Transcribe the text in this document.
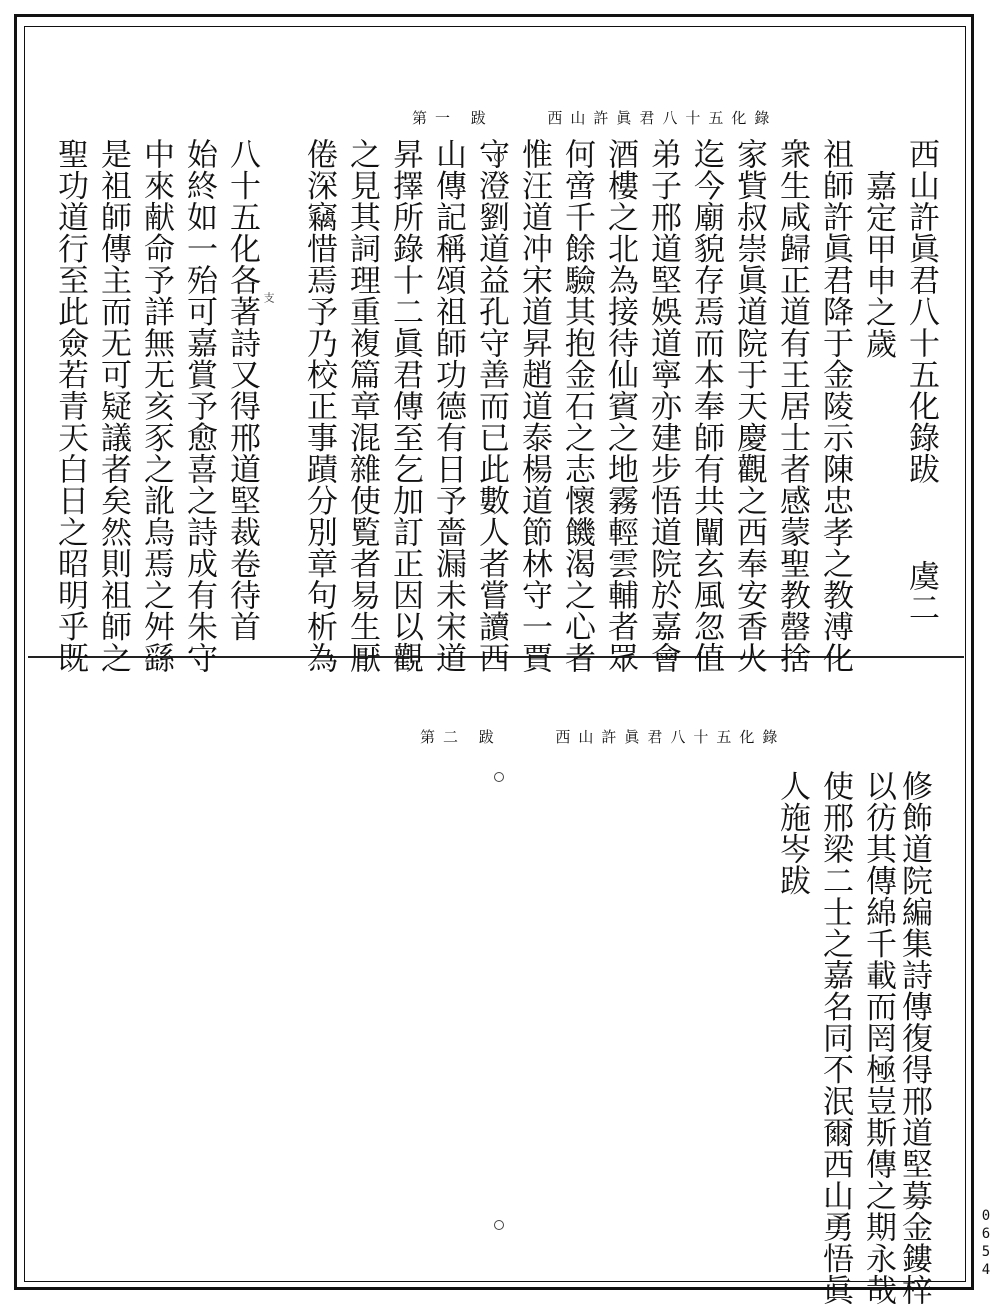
第一 跋	西山許眞君八十五化錄
西山許眞君八十五化錄跋
虞二
嘉定甲申之歲
祖師許眞君降于金陵示陳忠孝之教溥化
衆生咸歸正道有王居士者感蒙聖教罄捨
家貲叔崇眞道院于天慶觀之西奉安香火
迄今廟貌存焉而本奉師有共闡玄風忽值
弟子邢道堅娛道寧亦建步悟道院於嘉會
酒樓之北為接待仙賓之地霧輕雲輔者眾
何啻千餘驗其抱金石之志懷饑渴之心者
惟汪道冲宋道昇趙道泰楊道節林守一賈
守澄劉道益孔守善而已此數人者嘗讀西
山傳記稱頌祖師功德有日予嗇漏未宋道
昇擇所錄十二眞君傳至乞加訂正因以觀
之見其詞理重複篇章混雜使覧者易生厭
倦深竊惜焉予乃校正事蹟分別章句析為
八十五化各著詩又得邢道堅裁卷待首 支
始終如一殆可嘉賞予愈喜之詩成有朱守
中來献命予詳無无亥豕之訛烏焉之舛繇
是祖師傳主而无可疑議者矣然則祖師之
聖功道行至此僉若青天白日之昭明乎既
第二 跋	西山許眞君八十五化錄
修飾道院編集詩傳復得邢道堅募金鏤梓
以彷其傳綿千載而罔極豈斯傳之期永哉
使邢梁二士之嘉名同不泯爾西山勇悟眞
人施岑跋
0654
